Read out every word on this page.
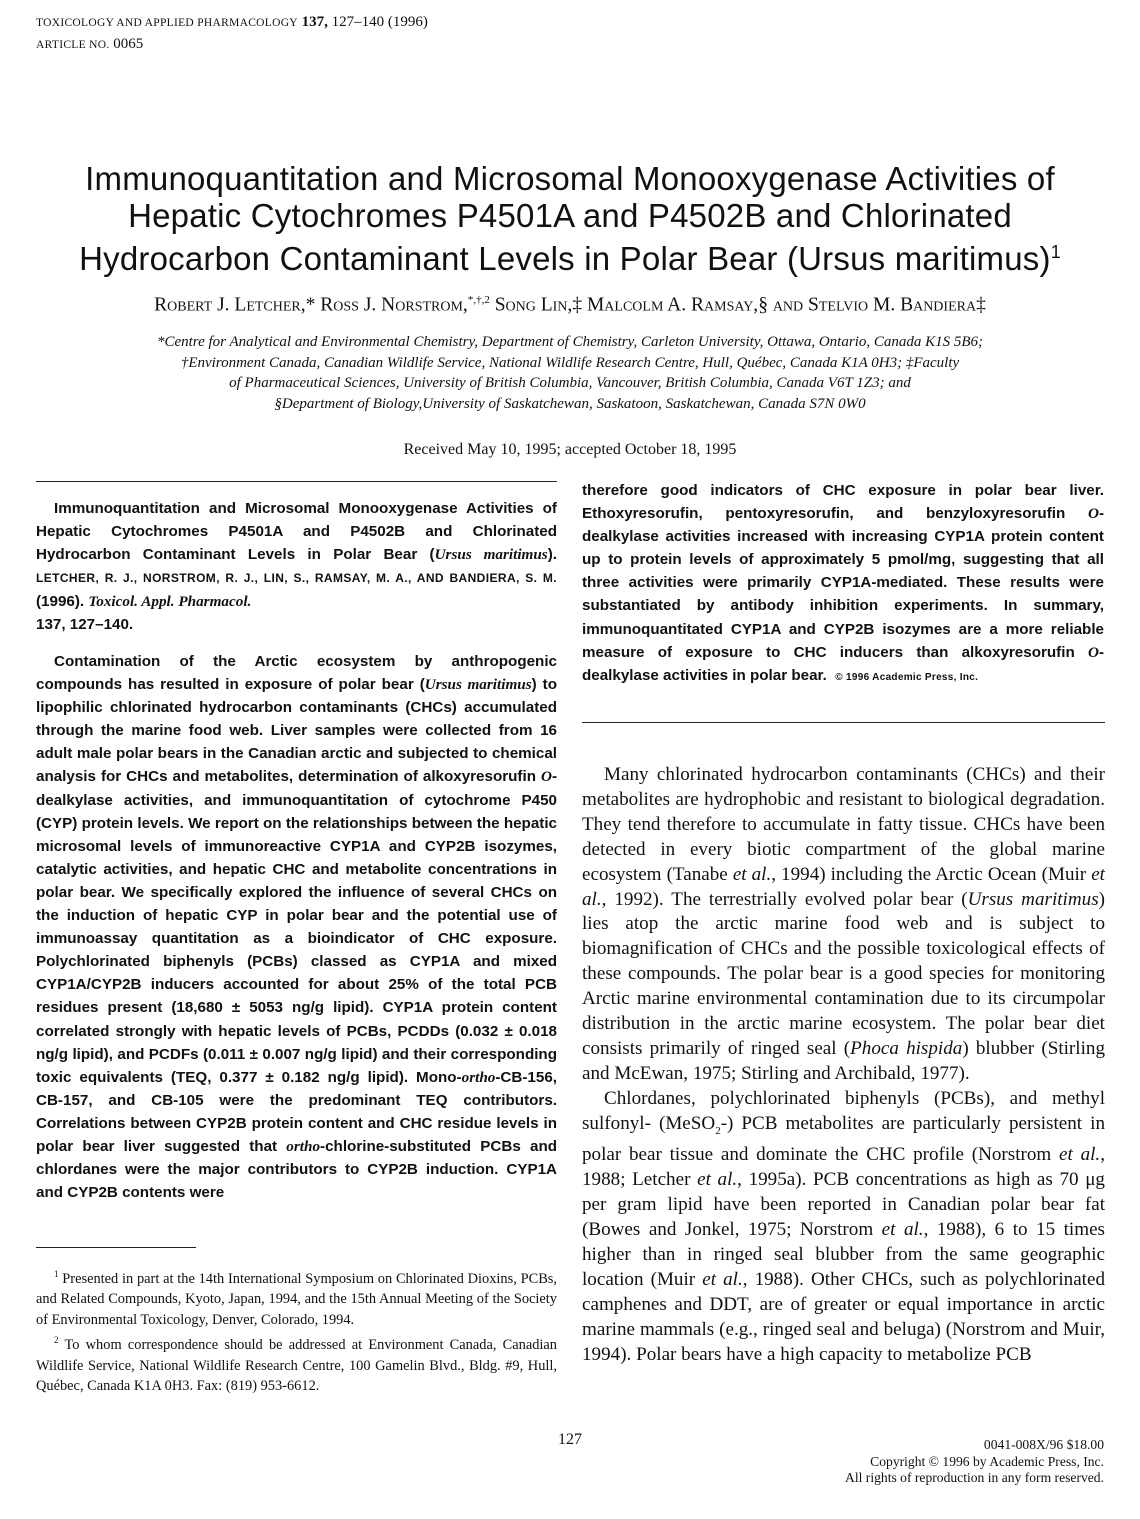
TOXICOLOGY AND APPLIED PHARMACOLOGY 137, 127–140 (1996)
ARTICLE NO. 0065
Immunoquantitation and Microsomal Monooxygenase Activities of Hepatic Cytochromes P4501A and P4502B and Chlorinated Hydrocarbon Contaminant Levels in Polar Bear (Ursus maritimus)$^1$
Robert J. Letcher,* Ross J. Norstrom,$^{*,\dagger,2}$ Song Lin,‡ Malcolm A. Ramsay,§ and Stelvio M. Bandiera‡
*Centre for Analytical and Environmental Chemistry, Department of Chemistry, Carleton University, Ottawa, Ontario, Canada K1S 5B6;
†Environment Canada, Canadian Wildlife Service, National Wildlife Research Centre, Hull, Québec, Canada K1A 0H3; ‡Faculty
of Pharmaceutical Sciences, University of British Columbia, Vancouver, British Columbia, Canada V6T 1Z3; and
§Department of Biology,University of Saskatchewan, Saskatoon, Saskatchewan, Canada S7N 0W0
Received May 10, 1995; accepted October 18, 1995

Immunoquantitation and Microsomal Monooxygenase Activities of Hepatic Cytochromes P4501A and P4502B and Chlorinated Hydrocarbon Contaminant Levels in Polar Bear (Ursus maritimus). LETCHER, R. J., NORSTROM, R. J., LIN, S., RAMSAY, M. A., AND BANDIERA, S. M. (1996). Toxicol. Appl. Pharmacol.
137, 127–140.

Contamination of the Arctic ecosystem by anthropogenic compounds has resulted in exposure of polar bear (Ursus maritimus) to lipophilic chlorinated hydrocarbon contaminants (CHCs) accumulated through the marine food web. Liver samples were collected from 16 adult male polar bears in the Canadian arctic and subjected to chemical analysis for CHCs and metabolites, determination of alkoxyresorufin O-dealkylase activities, and immunoquantitation of cytochrome P450 (CYP) protein levels. We report on the relationships between the hepatic microsomal levels of immunoreactive CYP1A and CYP2B isozymes, catalytic activities, and hepatic CHC and metabolite concentrations in polar bear. We specifically explored the influence of several CHCs on the induction of hepatic CYP in polar bear and the potential use of immunoassay quantitation as a bioindicator of CHC exposure. Polychlorinated biphenyls (PCBs) classed as CYP1A and mixed CYP1A/CYP2B inducers accounted for about 25% of the total PCB residues present (18,680 ± 5053 ng/g lipid). CYP1A protein content correlated strongly with hepatic levels of PCBs, PCDDs (0.032 ± 0.018 ng/g lipid), and PCDFs (0.011 ± 0.007 ng/g lipid) and their corresponding toxic equivalents (TEQ, 0.377 ± 0.182 ng/g lipid). Mono-ortho-CB-156, CB-157, and CB-105 were the predominant TEQ contributors. Correlations between CYP2B protein content and CHC residue levels in polar bear liver suggested that ortho-chlorine-substituted PCBs and chlordanes were the major contributors to CYP2B induction. CYP1A and CYP2B contents were

therefore good indicators of CHC exposure in polar bear liver. Ethoxyresorufin, pentoxyresorufin, and benzyloxyresorufin O-dealkylase activities increased with increasing CYP1A protein content up to protein levels of approximately 5 pmol/mg, suggesting that all three activities were primarily CYP1A-mediated. These results were substantiated by antibody inhibition experiments. In summary, immunoquantitated CYP1A and CYP2B isozymes are a more reliable measure of exposure to CHC inducers than alkoxyresorufin O-dealkylase activities in polar bear. © 1996 Academic Press, Inc.

$^1$ Presented in part at the 14th International Symposium on Chlorinated Dioxins, PCBs, and Related Compounds, Kyoto, Japan, 1994, and the 15th Annual Meeting of the Society of Environmental Toxicology, Denver, Colorado, 1994.

$^2$ To whom correspondence should be addressed at Environment Canada, Canadian Wildlife Service, National Wildlife Research Centre, 100 Gamelin Blvd., Bldg. #9, Hull, Québec, Canada K1A 0H3. Fax: (819) 953-6612.

Many chlorinated hydrocarbon contaminants (CHCs) and their metabolites are hydrophobic and resistant to biological degradation. They tend therefore to accumulate in fatty tissue. CHCs have been detected in every biotic compartment of the global marine ecosystem (Tanabe et al., 1994) including the Arctic Ocean (Muir et al., 1992). The terrestrially evolved polar bear (Ursus maritimus) lies atop the arctic marine food web and is subject to biomagnification of CHCs and the possible toxicological effects of these compounds. The polar bear is a good species for monitoring Arctic marine environmental contamination due to its circumpolar distribution in the arctic marine ecosystem. The polar bear diet consists primarily of ringed seal (Phoca hispida) blubber (Stirling and McEwan, 1975; Stirling and Archibald, 1977).

Chlordanes, polychlorinated biphenyls (PCBs), and methyl sulfonyl- (MeSO$_2$-) PCB metabolites are particularly persistent in polar bear tissue and dominate the CHC profile (Norstrom et al., 1988; Letcher et al., 1995a). PCB concentrations as high as 70 μg per gram lipid have been reported in Canadian polar bear fat (Bowes and Jonkel, 1975; Norstrom et al., 1988), 6 to 15 times higher than in ringed seal blubber from the same geographic location (Muir et al., 1988). Other CHCs, such as polychlorinated camphenes and DDT, are of greater or equal importance in arctic marine mammals (e.g., ringed seal and beluga) (Norstrom and Muir, 1994). Polar bears have a high capacity to metabolize PCB

127	0041-008X/96 $18.00
Copyright © 1996 by Academic Press, Inc.
All rights of reproduction in any form reserved.
